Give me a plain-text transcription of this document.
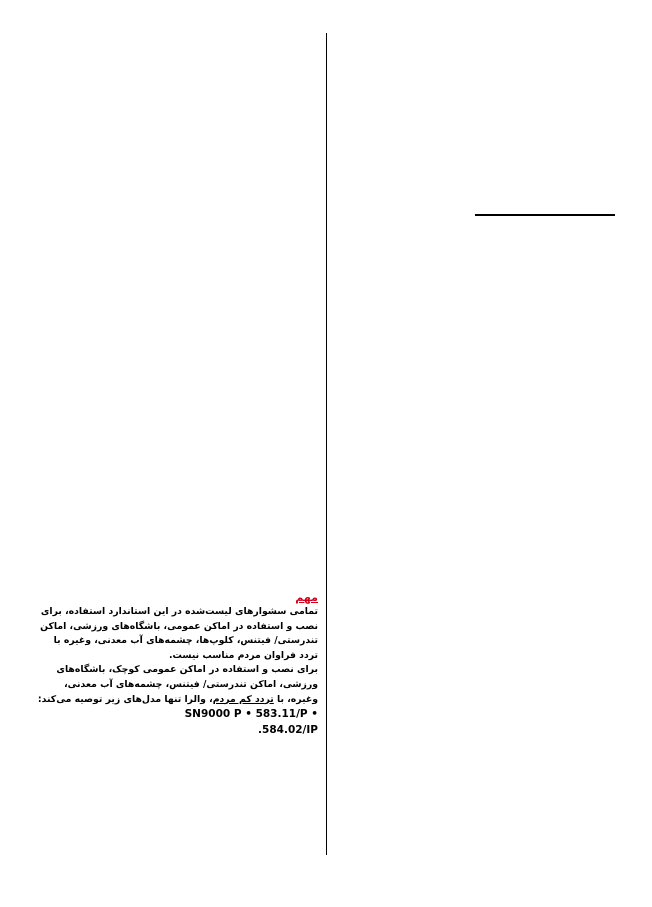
مهم

تمامی سشوارهای لیست‌شده در این استاندارد استفاده، برای نصب و استفاده در اماکن عمومی، باشگاه‌های ورزشی، اماکن تندرستی/ فیتنس، کلوپ‌ها، چشمه‌های آب معدنی، وغیره با تردد فراوان مردم مناسب نیست.

برای نصب و استفاده در اماکن عمومی کوچک، باشگاه‌های ورزشی، اماکن تندرستی/ فیتنس، چشمه‌های آب معدنی، وغیره، با تردد کم مردم، والرا تنها مدل‌های زیر توصیه می‌کند: SN9000 P • 583.11/P •

.584.02/IP
